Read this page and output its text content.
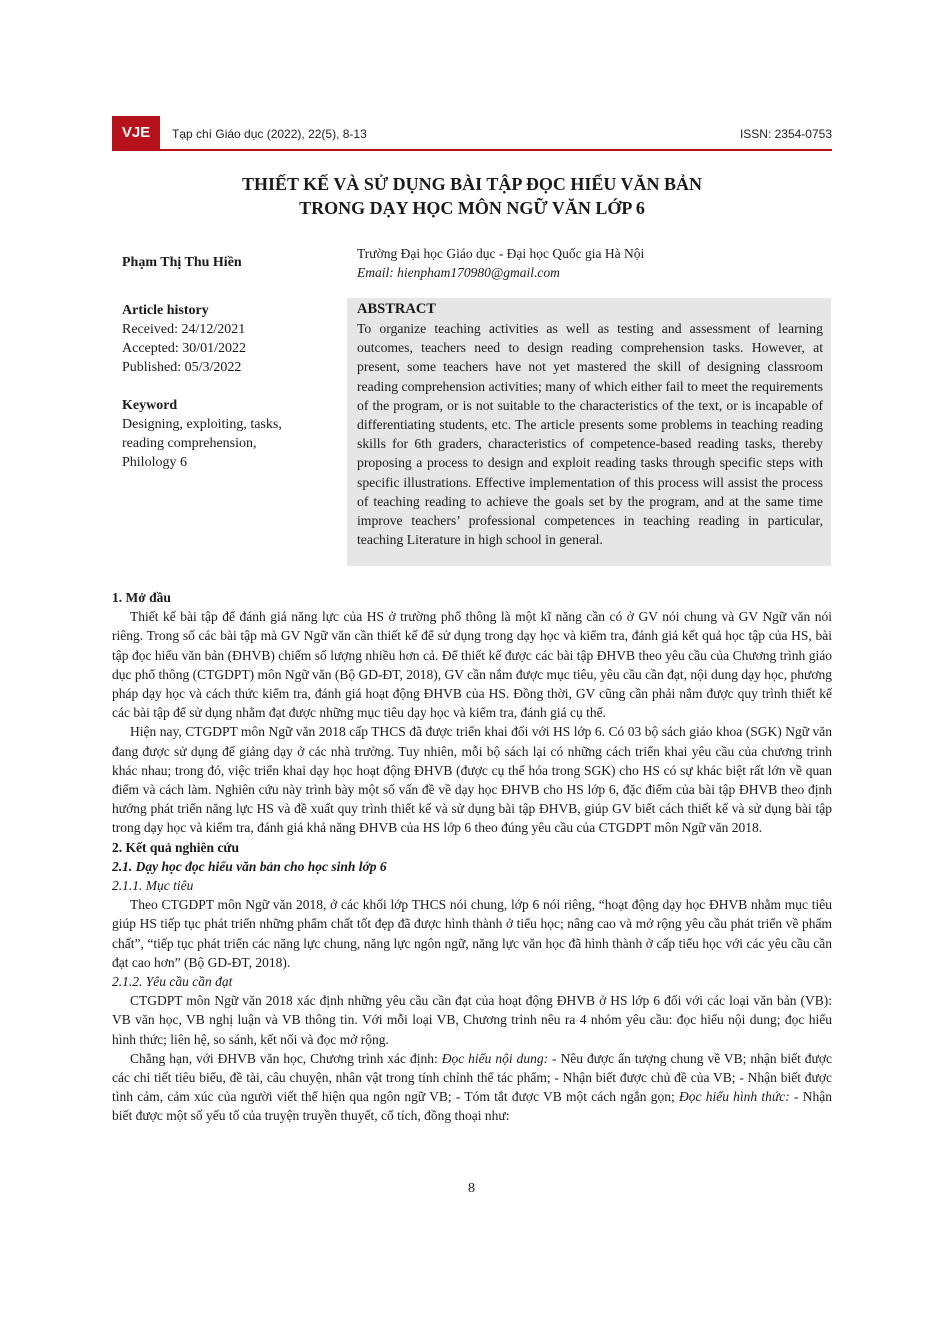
VJE	Tạp chí Giáo dục (2022), 22(5), 8-13	ISSN: 2354-0753
THIẾT KẾ VÀ SỬ DỤNG BÀI TẬP ĐỌC HIỂU VĂN BẢN
TRONG DẠY HỌC MÔN NGỮ VĂN LỚP 6
Phạm Thị Thu Hiền
Trường Đại học Giáo dục - Đại học Quốc gia Hà Nội
Email: hienpham170980@gmail.com
Article history
Received: 24/12/2021
Accepted: 30/01/2022
Published: 05/3/2022
Keyword
Designing, exploiting, tasks,
reading comprehension,
Philology 6
ABSTRACT
To organize teaching activities as well as testing and assessment of learning outcomes, teachers need to design reading comprehension tasks. However, at present, some teachers have not yet mastered the skill of designing classroom reading comprehension activities; many of which either fail to meet the requirements of the program, or is not suitable to the characteristics of the text, or is incapable of differentiating students, etc. The article presents some problems in teaching reading skills for 6th graders, characteristics of competence-based reading tasks, thereby proposing a process to design and exploit reading tasks through specific steps with specific illustrations. Effective implementation of this process will assist the process of teaching reading to achieve the goals set by the program, and at the same time improve teachers’ professional competences in teaching reading in particular, teaching Literature in high school in general.
1. Mở đầu

Thiết kế bài tập để đánh giá năng lực của HS ở trường phổ thông là một kĩ năng cần có ở GV nói chung và GV Ngữ văn nói riêng. Trong số các bài tập mà GV Ngữ văn cần thiết kế để sử dụng trong dạy học và kiểm tra, đánh giá kết quả học tập của HS, bài tập đọc hiểu văn bản (ĐHVB) chiếm số lượng nhiều hơn cả. Để thiết kế được các bài tập ĐHVB theo yêu cầu của Chương trình giáo dục phổ thông (CTGDPT) môn Ngữ văn (Bộ GD-ĐT, 2018), GV cần nắm được mục tiêu, yêu cầu cần đạt, nội dung dạy học, phương pháp dạy học và cách thức kiểm tra, đánh giá hoạt động ĐHVB của HS. Đồng thời, GV cũng cần phải nắm được quy trình thiết kế các bài tập để sử dụng nhằm đạt được những mục tiêu dạy học và kiểm tra, đánh giá cụ thể.

Hiện nay, CTGDPT môn Ngữ văn 2018 cấp THCS đã được triển khai đối với HS lớp 6. Có 03 bộ sách giáo khoa (SGK) Ngữ văn đang được sử dụng để giảng dạy ở các nhà trường. Tuy nhiên, mỗi bộ sách lại có những cách triển khai yêu cầu của chương trình khác nhau; trong đó, việc triển khai dạy học hoạt động ĐHVB (được cụ thể hóa trong SGK) cho HS có sự khác biệt rất lớn về quan điểm và cách làm. Nghiên cứu này trình bày một số vấn đề về dạy học ĐHVB cho HS lớp 6, đặc điểm của bài tập ĐHVB theo định hướng phát triển năng lực HS và đề xuất quy trình thiết kế và sử dụng bài tập ĐHVB, giúp GV biết cách thiết kế và sử dụng bài tập trong dạy học và kiểm tra, đánh giá khả năng ĐHVB của HS lớp 6 theo đúng yêu cầu của CTGDPT môn Ngữ văn 2018.

2. Kết quả nghiên cứu
2.1. Dạy học đọc hiểu văn bản cho học sinh lớp 6
2.1.1. Mục tiêu

Theo CTGDPT môn Ngữ văn 2018, ở các khối lớp THCS nói chung, lớp 6 nói riêng, “hoạt động dạy học ĐHVB nhằm mục tiêu giúp HS tiếp tục phát triển những phẩm chất tốt đẹp đã được hình thành ở tiểu học; nâng cao và mở rộng yêu cầu phát triển về phẩm chất”, “tiếp tục phát triển các năng lực chung, năng lực ngôn ngữ, năng lực văn học đã hình thành ở cấp tiểu học với các yêu cầu cần đạt cao hơn” (Bộ GD-ĐT, 2018).

2.1.2. Yêu cầu cần đạt

CTGDPT môn Ngữ văn 2018 xác định những yêu cầu cần đạt của hoạt động ĐHVB ở HS lớp 6 đối với các loại văn bản (VB): VB văn học, VB nghị luận và VB thông tin. Với mỗi loại VB, Chương trình nêu ra 4 nhóm yêu cầu: đọc hiểu nội dung; đọc hiểu hình thức; liên hệ, so sánh, kết nối và đọc mở rộng.

Chẳng hạn, với ĐHVB văn học, Chương trình xác định: Đọc hiểu nội dung: - Nêu được ấn tượng chung về VB; nhận biết được các chi tiết tiêu biểu, đề tài, câu chuyện, nhân vật trong tính chỉnh thể tác phẩm; - Nhận biết được chủ đề của VB; - Nhận biết được tình cảm, cảm xúc của người viết thể hiện qua ngôn ngữ VB; - Tóm tắt được VB một cách ngắn gọn; Đọc hiểu hình thức: - Nhận biết được một số yếu tố của truyện truyền thuyết, cổ tích, đồng thoại như:

8
